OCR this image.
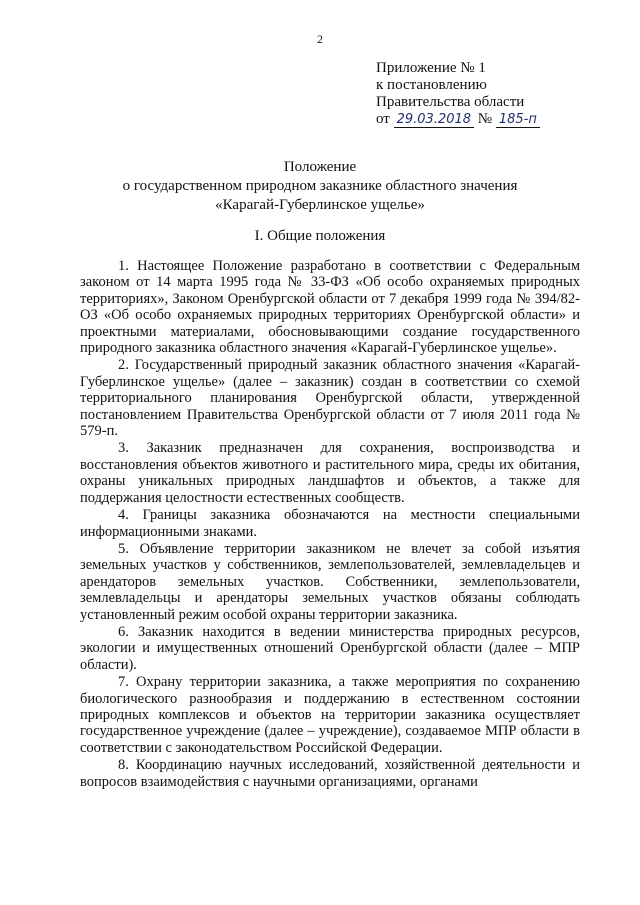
2
Приложение № 1
к постановлению
Правительства области
от 29.03.2018 № 185-п
Положение
о государственном природном заказнике областного значения
«Карагай-Губерлинское ущелье»
I. Общие положения

1. Настоящее Положение разработано в соответствии с Федеральным законом от 14 марта 1995 года № 33-ФЗ «Об особо охраняемых природных территориях», Законом Оренбургской области от 7 декабря 1999 года № 394/82-ОЗ «Об особо охраняемых природных территориях Оренбургской области» и проектными материалами, обосновывающими создание государственного природного заказника областного значения «Карагай-Губерлинское ущелье».

2. Государственный природный заказник областного значения «Карагай-Губерлинское ущелье» (далее – заказник) создан в соответствии со схемой территориального планирования Оренбургской области, утвержденной постановлением Правительства Оренбургской области от 7 июля 2011 года № 579-п.

3. Заказник предназначен для сохранения, воспроизводства и восстановления объектов животного и растительного мира, среды их обитания, охраны уникальных природных ландшафтов и объектов, а также для поддержания целостности естественных сообществ.

4. Границы заказника обозначаются на местности специальными информационными знаками.

5. Объявление территории заказником не влечет за собой изъятия земельных участков у собственников, землепользователей, землевладельцев и арендаторов земельных участков. Собственники, землепользователи, землевладельцы и арендаторы земельных участков обязаны соблюдать установленный режим особой охраны территории заказника.

6. Заказник находится в ведении министерства природных ресурсов, экологии и имущественных отношений Оренбургской области (далее – МПР области).

7. Охрану территории заказника, а также мероприятия по сохранению биологического разнообразия и поддержанию в естественном состоянии природных комплексов и объектов на территории заказника осуществляет государственное учреждение (далее – учреждение), создаваемое МПР области в соответствии с законодательством Российской Федерации.

8. Координацию научных исследований, хозяйственной деятельности и вопросов взаимодействия с научными организациями, органами
